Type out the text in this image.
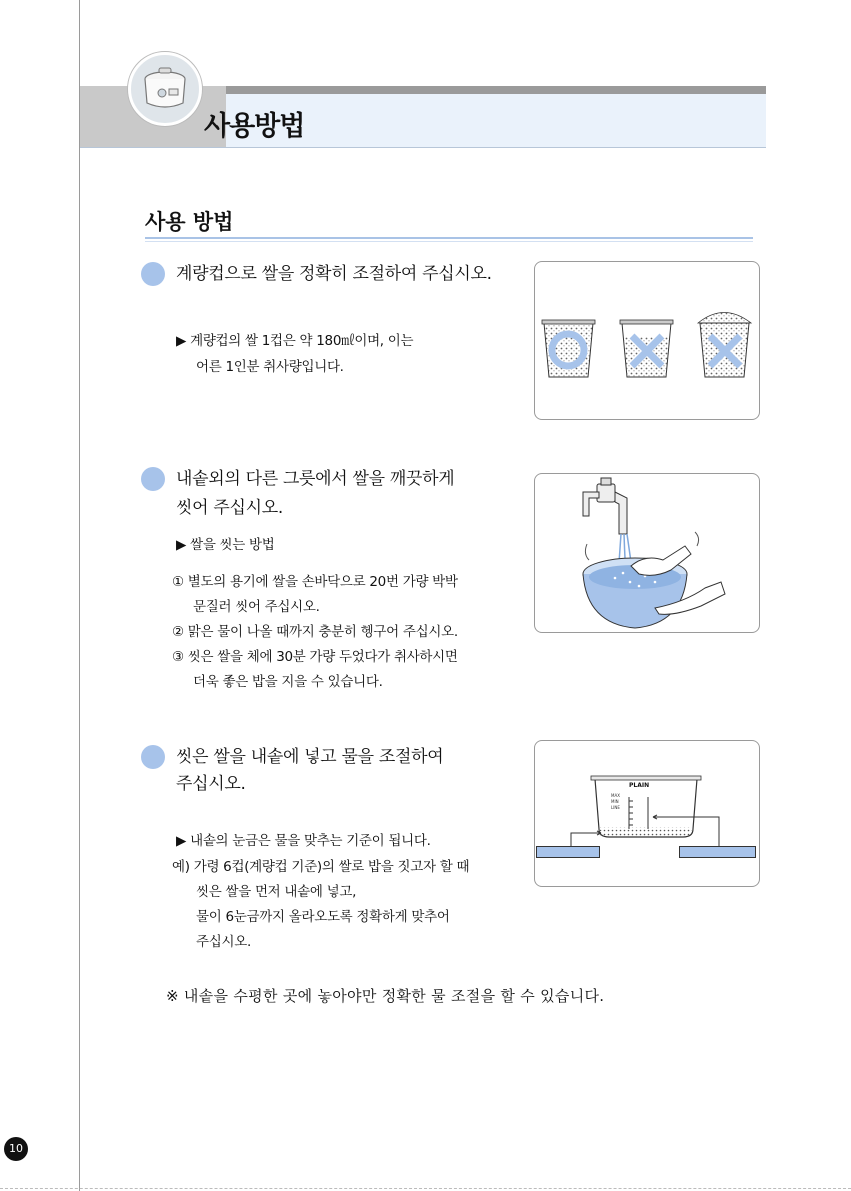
사용방법
사용 방법
계량컵으로 쌀을 정확히 조절하여 주십시오.
▶ 계량컵의 쌀 1컵은 약 180㎖이며, 이는
어른 1인분 취사량입니다.
내솥외의 다른 그릇에서 쌀을 깨끗하게
씻어 주십시오.
▶ 쌀을 씻는 방법
① 별도의 용기에 쌀을 손바닥으로 20번 가량 박박
문질러 씻어 주십시오.
② 맑은 물이 나올 때까지 충분히 헹구어 주십시오.
③ 씻은 쌀을 체에 30분 가량 두었다가 취사하시면
더욱 좋은 밥을 지을 수 있습니다.
씻은 쌀을 내솥에 넣고 물을 조절하여
주십시오.
▶ 내솥의 눈금은 물을 맞추는 기준이 됩니다.
예) 가령 6컵(계량컵 기준)의 쌀로 밥을 짓고자 할 때
씻은 쌀을 먼저 내솥에 넣고,
물이 6눈금까지 올라오도록 정확하게 맞추어
주십시오.
PLAIN
MAX
MIN
LINE
※ 내솥을 수평한 곳에 놓아야만 정확한 물 조절을 할 수 있습니다.
10
